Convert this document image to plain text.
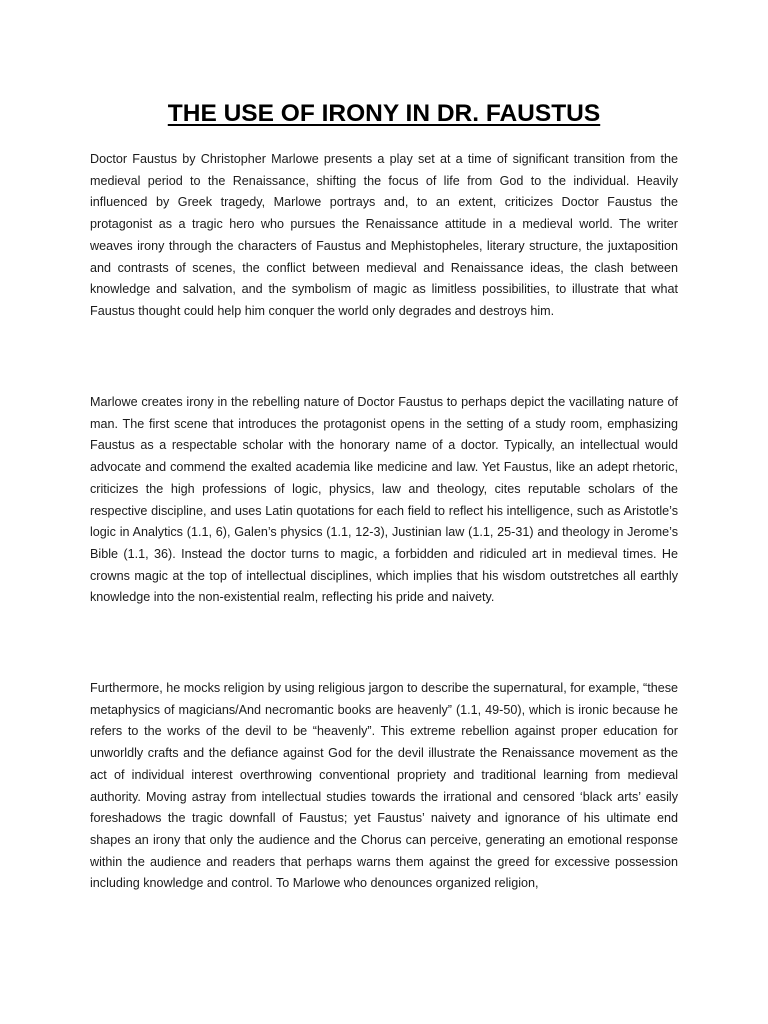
THE USE OF IRONY IN DR. FAUSTUS

Doctor Faustus by Christopher Marlowe presents a play set at a time of significant transition from the medieval period to the Renaissance, shifting the focus of life from God to the individual. Heavily influenced by Greek tragedy, Marlowe portrays and, to an extent, criticizes Doctor Faustus the protagonist as a tragic hero who pursues the Renaissance attitude in a medieval world. The writer weaves irony through the characters of Faustus and Mephistopheles, literary structure, the juxtaposition and contrasts of scenes, the conflict between medieval and Renaissance ideas, the clash between knowledge and salvation, and the symbolism of magic as limitless possibilities, to illustrate that what Faustus thought could help him conquer the world only degrades and destroys him.

Marlowe creates irony in the rebelling nature of Doctor Faustus to perhaps depict the vacillating nature of man. The first scene that introduces the protagonist opens in the setting of a study room, emphasizing Faustus as a respectable scholar with the honorary name of a doctor. Typically, an intellectual would advocate and commend the exalted academia like medicine and law. Yet Faustus, like an adept rhetoric, criticizes the high professions of logic, physics, law and theology, cites reputable scholars of the respective discipline, and uses Latin quotations for each field to reflect his intelligence, such as Aristotle’s logic in Analytics (1.1, 6), Galen’s physics (1.1, 12-3), Justinian law (1.1, 25-31) and theology in Jerome’s Bible (1.1, 36). Instead the doctor turns to magic, a forbidden and ridiculed art in medieval times. He crowns magic at the top of intellectual disciplines, which implies that his wisdom outstretches all earthly knowledge into the non-existential realm, reflecting his pride and naivety.

Furthermore, he mocks religion by using religious jargon to describe the supernatural, for example, “these metaphysics of magicians/And necromantic books are heavenly” (1.1, 49-50), which is ironic because he refers to the works of the devil to be “heavenly”. This extreme rebellion against proper education for unworldly crafts and the defiance against God for the devil illustrate the Renaissance movement as the act of individual interest overthrowing conventional propriety and traditional learning from medieval authority. Moving astray from intellectual studies towards the irrational and censored ‘black arts’ easily foreshadows the tragic downfall of Faustus; yet Faustus’ naivety and ignorance of his ultimate end shapes an irony that only the audience and the Chorus can perceive, generating an emotional response within the audience and readers that perhaps warns them against the greed for excessive possession including knowledge and control. To Marlowe who denounces organized religion,
